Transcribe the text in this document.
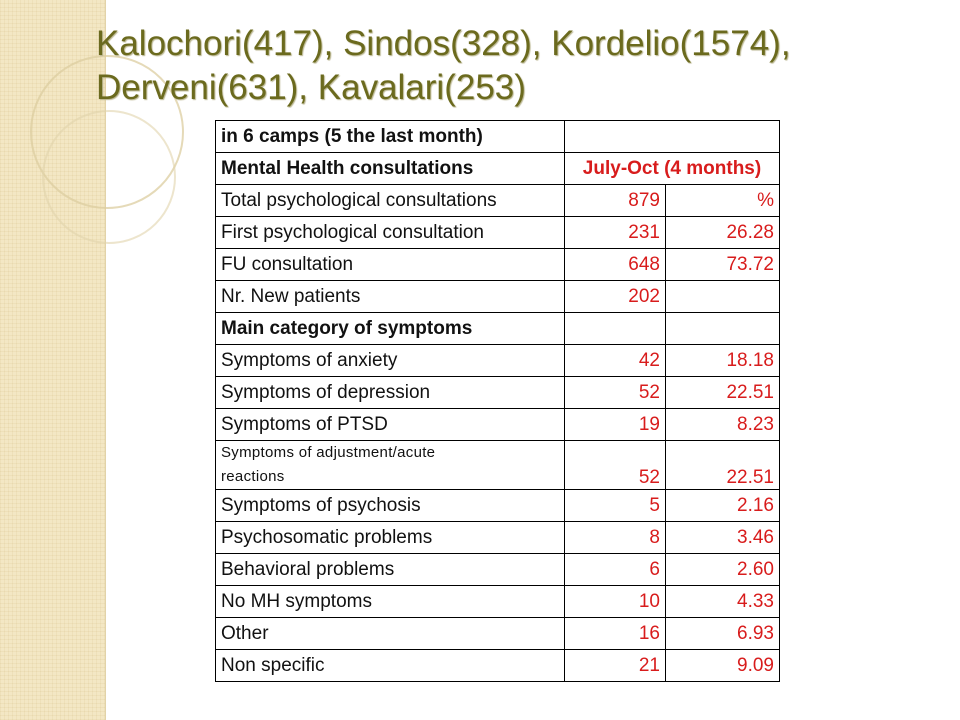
Kalochori(417), Sindos(328), Kordelio(1574),
Derveni(631), Kavalari(253)
in 6 camps (5 the last month)		
Mental Health consultations	July-Oct (4 months)	
Total psychological consultations	879	%
First psychological consultation	231	26.28
FU consultation	648	73.72
Nr. New patients	202	
Main category of symptoms		
Symptoms of anxiety	42	18.18
Symptoms of depression	52	22.51
Symptoms of PTSD	19	8.23

Symptoms of adjustment/acute
reactions	52	22.51
Symptoms of psychosis	5	2.16
Psychosomatic problems	8	3.46
Behavioral problems	6	2.60
No MH symptoms	10	4.33
Other	16	6.93
Non specific	21	9.09
